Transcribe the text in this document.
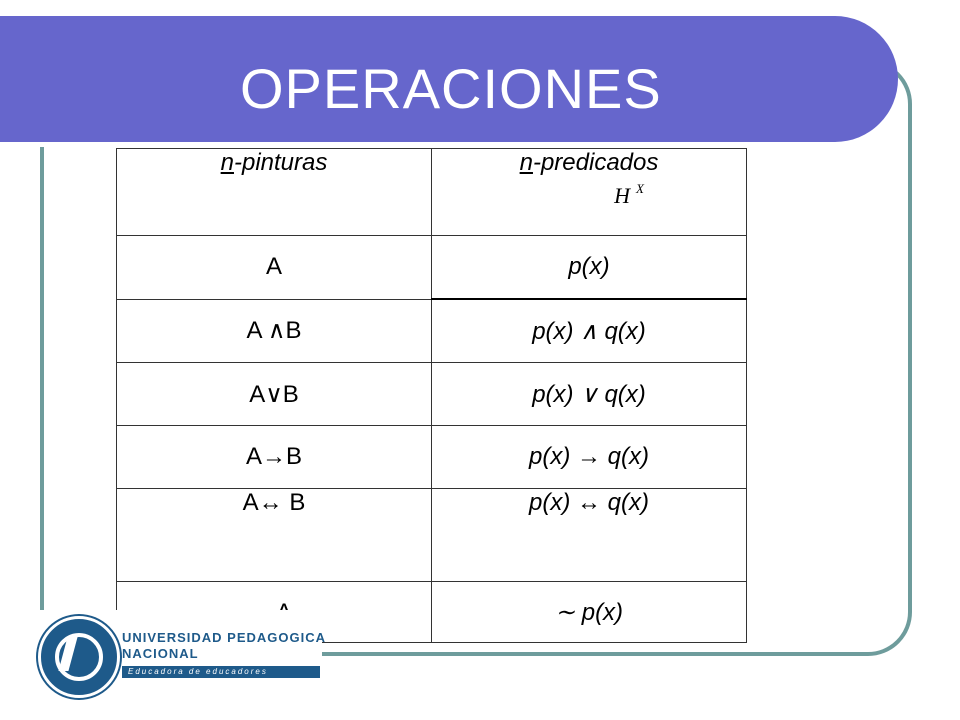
OPERACIONES
n-pinturas	n-predicados
H $^X$

A	p(x)
A ∧B	p(x) ∧ q(x)
A∨B	p(x) ∨ q(x)
A→B	p(x) → q(x)
A↔ B	p(x) ↔ q(x)
	∼ p(x)
UNIVERSIDAD PEDAGOGICA
NACIONAL
Educadora de educadores
